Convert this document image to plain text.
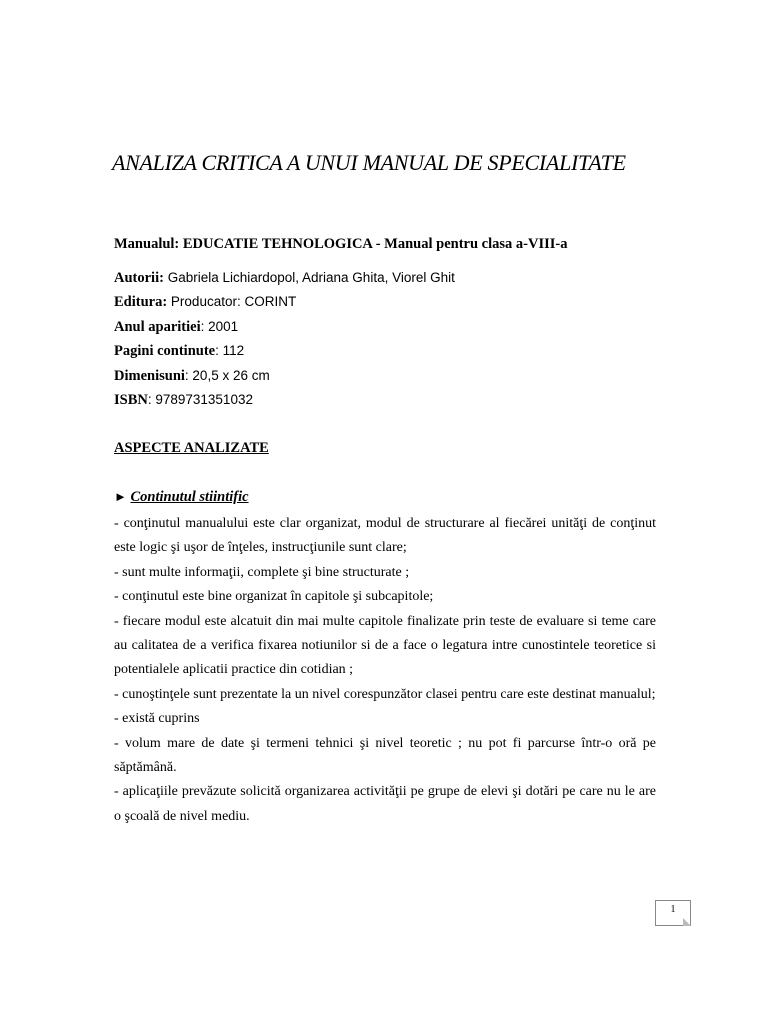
ANALIZA CRITICA A UNUI MANUAL DE SPECIALITATE
Manualul: EDUCATIE TEHNOLOGICA - Manual pentru clasa a-VIII-a
Autorii: Gabriela Lichiardopol, Adriana Ghita, Viorel Ghit
Editura: Producator: CORINT
Anul aparitiei: 2001
Pagini continute: 112
Dimenisuni: 20,5 x 26 cm
ISBN: 9789731351032
ASPECTE ANALIZATE
► Continutul stiintific

- conţinutul manualului este clar organizat, modul de structurare al fiecărei unităţi de conţinut este logic şi uşor de înţeles, instrucţiunile sunt clare;

- sunt multe informaţii, complete şi bine structurate ;

- conţinutul este bine organizat în capitole şi subcapitole;

- fiecare modul este alcatuit din mai multe capitole finalizate prin teste de evaluare si teme care au calitatea de a verifica fixarea notiunilor si de a face o legatura intre cunostintele teoretice si potentialele aplicatii practice din cotidian ;

- cunoştinţele sunt prezentate la un nivel corespunzător clasei pentru care este destinat manualul;

- există cuprins

- volum mare de date şi termeni tehnici şi nivel teoretic ; nu pot fi parcurse într-o oră pe săptămână.

- aplicaţiile prevăzute solicită organizarea activităţii pe grupe de elevi şi dotări pe care nu le are o şcoală de nivel mediu.

1
